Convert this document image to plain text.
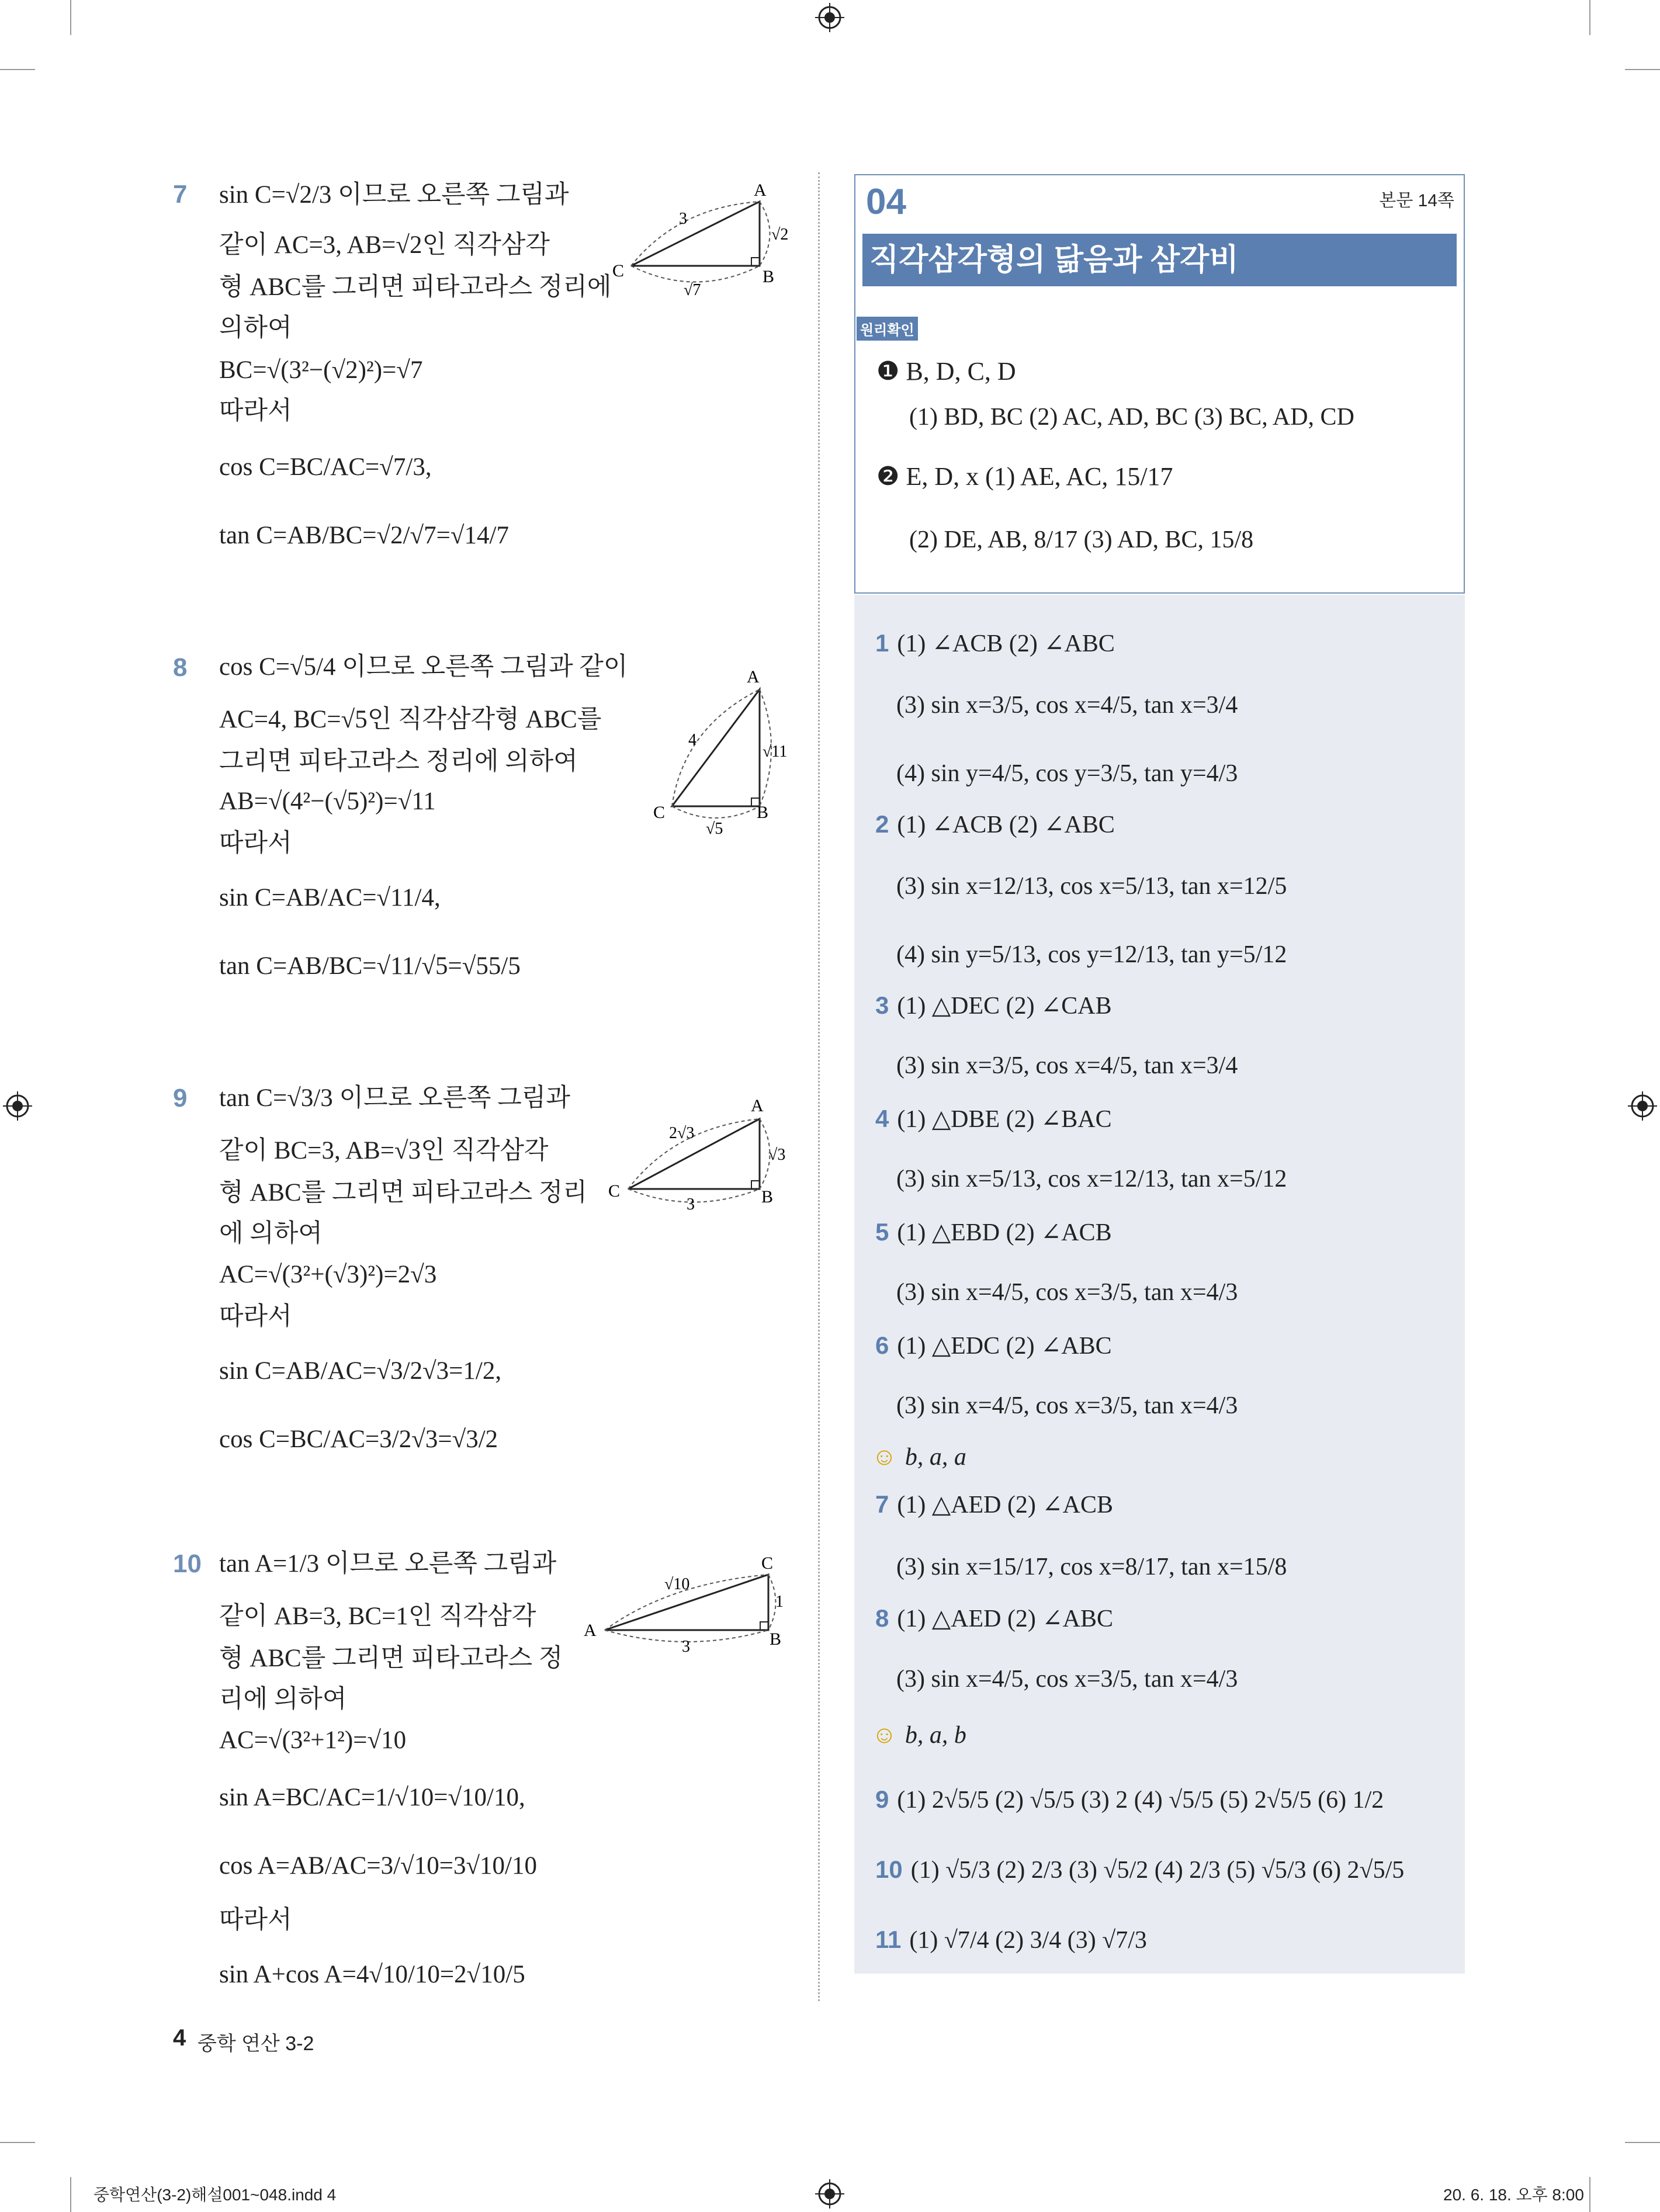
7 sin C=√2/3 이므로 오른쪽 그림과
같이 AC=3, AB=√2인 직각삼각
형 ABC를 그리면 피타고라스 정리에
의하여
BC=√(3²−(√2)²)=√7
따라서
cos C=BC/AC=√7/3,
tan C=AB/BC=√2/√7=√14/7
A
B
C
3
√2
√7
8 cos C=√5/4 이므로 오른쪽 그림과 같이
AC=4, BC=√5인 직각삼각형 ABC를
그리면 피타고라스 정리에 의하여
AB=√(4²−(√5)²)=√11
따라서
sin C=AB/AC=√11/4,
tan C=AB/BC=√11/√5=√55/5
A
B
C
4
√11
√5
9 tan C=√3/3 이므로 오른쪽 그림과
같이 BC=3, AB=√3인 직각삼각
형 ABC를 그리면 피타고라스 정리
에 의하여
AC=√(3²+(√3)²)=2√3
따라서
sin C=AB/AC=√3/2√3=1/2,
cos C=BC/AC=3/2√3=√3/2
A
B
C
2√3
√3
3
10 tan A=1/3 이므로 오른쪽 그림과
같이 AB=3, BC=1인 직각삼각
형 ABC를 그리면 피타고라스 정
리에 의하여
AC=√(3²+1²)=√10
sin A=BC/AC=1/√10=√10/10,
cos A=AB/AC=3/√10=3√10/10
따라서
sin A+cos A=4√10/10=2√10/5
C
B
A
√10
1
3
4 중학 연산 3-2
04	본문 14쪽
직각삼각형의 닮음과 삼각비
원리확인
❶ B, D, C, D
(1) BD, BC (2) AC, AD, BC (3) BC, AD, CD
❷ E, D, x (1) AE, AC, 15/17
(2) DE, AB, 8/17 (3) AD, BC, 15/8
1 (1) ∠ACB (2) ∠ABC
(3) sin x=3/5, cos x=4/5, tan x=3/4
(4) sin y=4/5, cos y=3/5, tan y=4/3
2 (1) ∠ACB (2) ∠ABC
(3) sin x=12/13, cos x=5/13, tan x=12/5
(4) sin y=5/13, cos y=12/13, tan y=5/12
3 (1) △DEC (2) ∠CAB
(3) sin x=3/5, cos x=4/5, tan x=3/4
4 (1) △DBE (2) ∠BAC
(3) sin x=5/13, cos x=12/13, tan x=5/12
5 (1) △EBD (2) ∠ACB
(3) sin x=4/5, cos x=3/5, tan x=4/3
6 (1) △EDC (2) ∠ABC
(3) sin x=4/5, cos x=3/5, tan x=4/3
☺ b, a, a
7 (1) △AED (2) ∠ACB
(3) sin x=15/17, cos x=8/17, tan x=15/8
8 (1) △AED (2) ∠ABC
(3) sin x=4/5, cos x=3/5, tan x=4/3
☺ b, a, b
9 (1) 2√5/5 (2) √5/5 (3) 2 (4) √5/5 (5) 2√5/5 (6) 1/2
10 (1) √5/3 (2) 2/3 (3) √5/2 (4) 2/3 (5) √5/3 (6) 2√5/5
11 (1) √7/4 (2) 3/4 (3) √7/3
중학연산(3-2)해설001~048.indd 4	20. 6. 18. 오후 8:00
